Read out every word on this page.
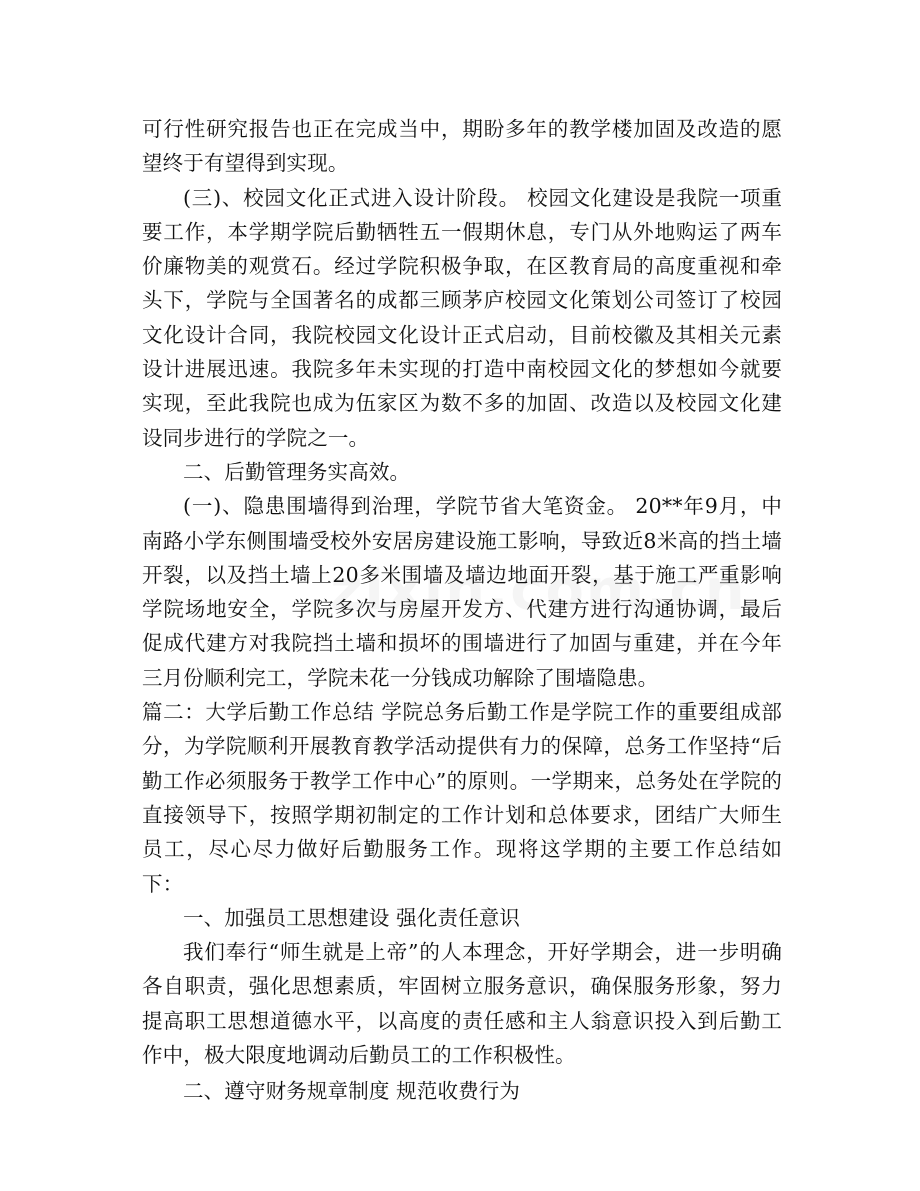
可行性研究报告也正在完成当中，期盼多年的教学楼加固及改造的愿望终于有望得到实现。

(三)、校园文化正式进入设计阶段。 校园文化建设是我院一项重要工作，本学期学院后勤牺牲五一假期休息，专门从外地购运了两车价廉物美的观赏石。经过学院积极争取，在区教育局的高度重视和牵头下，学院与全国著名的成都三顾茅庐校园文化策划公司签订了校园文化设计合同，我院校园文化设计正式启动，目前校徽及其相关元素设计进展迅速。我院多年未实现的打造中南校园文化的梦想如今就要实现，至此我院也成为伍家区为数不多的加固、改造以及校园文化建设同步进行的学院之一。

二、后勤管理务实高效。

(一)、隐患围墙得到治理，学院节省大笔资金。 20**年9月，中南路小学东侧围墙受校外安居房建设施工影响，导致近8米高的挡土墙开裂，以及挡土墙上20多米围墙及墙边地面开裂，基于施工严重影响学院场地安全，学院多次与房屋开发方、代建方进行沟通协调，最后促成代建方对我院挡土墙和损坏的围墙进行了加固与重建，并在今年三月份顺利完工，学院未花一分钱成功解除了围墙隐患。

篇二：大学后勤工作总结 学院总务后勤工作是学院工作的重要组成部分，为学院顺利开展教育教学活动提供有力的保障，总务工作坚持“后勤工作必须服务于教学工作中心”的原则。一学期来，总务处在学院的直接领导下，按照学期初制定的工作计划和总体要求，团结广大师生员工，尽心尽力做好后勤服务工作。现将这学期的主要工作总结如下：

一、加强员工思想建设 强化责任意识

我们奉行“师生就是上帝”的人本理念，开好学期会，进一步明确各自职责，强化思想素质，牢固树立服务意识，确保服务形象，努力提高职工思想道德水平，以高度的责任感和主人翁意识投入到后勤工作中，极大限度地调动后勤员工的工作积极性。

二、遵守财务规章制度 规范收费行为
